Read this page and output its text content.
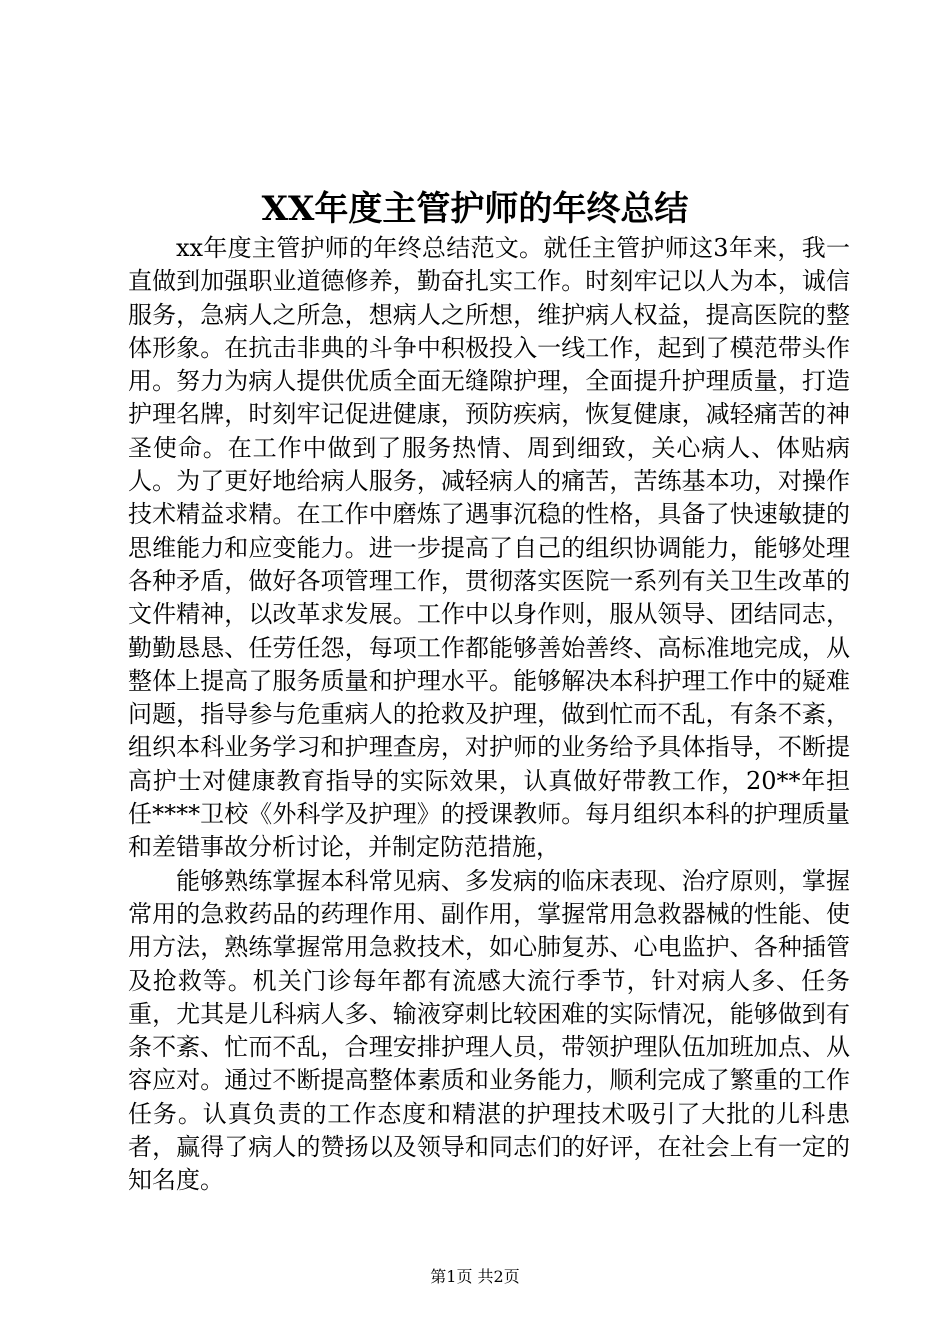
XX年度主管护师的年终总结

xx年度主管护师的年终总结范文。就任主管护师这3年来，我一直做到加强职业道德修养，勤奋扎实工作。时刻牢记以人为本，诚信服务，急病人之所急，想病人之所想，维护病人权益，提高医院的整体形象。在抗击非典的斗争中积极投入一线工作，起到了模范带头作用。努力为病人提供优质全面无缝隙护理，全面提升护理质量，打造护理名牌，时刻牢记促进健康，预防疾病，恢复健康，减轻痛苦的神圣使命。在工作中做到了服务热情、周到细致，关心病人、体贴病人。为了更好地给病人服务，减轻病人的痛苦，苦练基本功，对操作技术精益求精。在工作中磨炼了遇事沉稳的性格，具备了快速敏捷的思维能力和应变能力。进一步提高了自己的组织协调能力，能够处理各种矛盾，做好各项管理工作，贯彻落实医院一系列有关卫生改革的文件精神，以改革求发展。工作中以身作则，服从领导、团结同志，勤勤恳恳、任劳任怨，每项工作都能够善始善终、高标准地完成，从整体上提高了服务质量和护理水平。能够解决本科护理工作中的疑难问题，指导参与危重病人的抢救及护理，做到忙而不乱，有条不紊，组织本科业务学习和护理查房，对护师的业务给予具体指导，不断提高护士对健康教育指导的实际效果，认真做好带教工作，20**年担任****卫校《外科学及护理》的授课教师。每月组织本科的护理质量和差错事故分析讨论，并制定防范措施，

能够熟练掌握本科常见病、多发病的临床表现、治疗原则，掌握常用的急救药品的药理作用、副作用，掌握常用急救器械的性能、使用方法，熟练掌握常用急救技术，如心肺复苏、心电监护、各种插管及抢救等。机关门诊每年都有流感大流行季节，针对病人多、任务重，尤其是儿科病人多、输液穿刺比较困难的实际情况，能够做到有条不紊、忙而不乱，合理安排护理人员，带领护理队伍加班加点、从容应对。通过不断提高整体素质和业务能力，顺利完成了繁重的工作任务。认真负责的工作态度和精湛的护理技术吸引了大批的儿科患者，赢得了病人的赞扬以及领导和同志们的好评，在社会上有一定的知名度。

第1页 共2页
